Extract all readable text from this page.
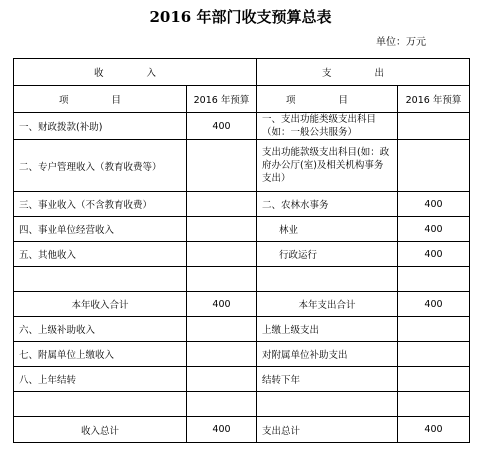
2016 年部门收支预算总表
单位：万元
收 入		支 出	
项 目	2016 年预算	项 目	2016 年预算
一、财政拨款(补助)	400	一、支出功能类级支出科目（如：一般公共服务）	
二、专户管理收入（教育收费等）		支出功能款级支出科目(如：政府办公厅(室)及相关机构事务支出）	
三、事业收入（不含教育收费）		二、农林水事务	400
四、事业单位经营收入		林业	400
五、其他收入		行政运行	400

本年收入合计	400	本年支出合计	400
六、上级补助收入		上缴上级支出	
七、附属单位上缴收入		对附属单位补助支出	
八、上年结转		结转下年	

收入总计	400	支出总计	400
